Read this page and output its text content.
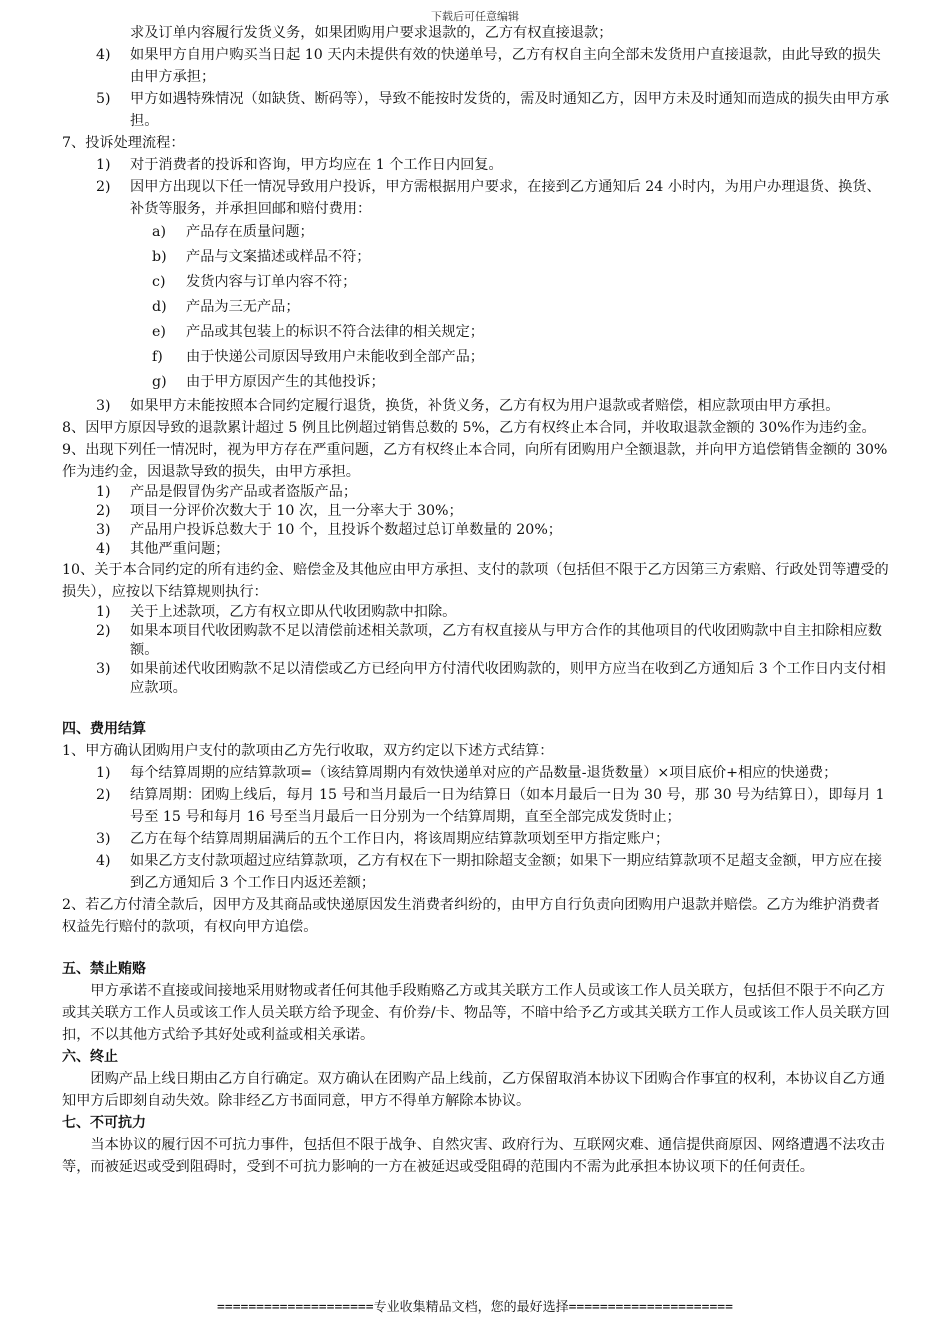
下载后可任意编辑
求及订单内容履行发货义务，如果团购用户要求退款的，乙方有权直接退款；
4) 如果甲方自用户购买当日起 10 天内未提供有效的快递单号，乙方有权自主向全部未发货用户直接退款，由此导致的损失由甲方承担；
5) 甲方如遇特殊情况（如缺货、断码等），导致不能按时发货的，需及时通知乙方，因甲方未及时通知而造成的损失由甲方承担。
7、投诉处理流程：
1) 对于消费者的投诉和咨询，甲方均应在 1 个工作日内回复。
2) 因甲方出现以下任一情况导致用户投诉，甲方需根据用户要求，在接到乙方通知后 24 小时内，为用户办理退货、换货、补货等服务，并承担回邮和赔付费用：
a) 产品存在质量问题；
b) 产品与文案描述或样品不符；
c) 发货内容与订单内容不符；
d) 产品为三无产品；
e) 产品或其包装上的标识不符合法律的相关规定；
f) 由于快递公司原因导致用户未能收到全部产品；
g) 由于甲方原因产生的其他投诉；
3) 如果甲方未能按照本合同约定履行退货，换货，补货义务，乙方有权为用户退款或者赔偿，相应款项由甲方承担。
8、因甲方原因导致的退款累计超过 5 例且比例超过销售总数的 5%，乙方有权终止本合同，并收取退款金额的 30%作为违约金。
9、出现下列任一情况时，视为甲方存在严重问题，乙方有权终止本合同，向所有团购用户全额退款，并向甲方追偿销售金额的 30%作为违约金，因退款导致的损失，由甲方承担。
1) 产品是假冒伪劣产品或者盗版产品；
2) 项目一分评价次数大于 10 次，且一分率大于 30%；
3) 产品用户投诉总数大于 10 个，且投诉个数超过总订单数量的 20%；
4) 其他严重问题；
10、关于本合同约定的所有违约金、赔偿金及其他应由甲方承担、支付的款项（包括但不限于乙方因第三方索赔、行政处罚等遭受的损失），应按以下结算规则执行：
1) 关于上述款项，乙方有权立即从代收团购款中扣除。
2) 如果本项目代收团购款不足以清偿前述相关款项，乙方有权直接从与甲方合作的其他项目的代收团购款中自主扣除相应数额。
3) 如果前述代收团购款不足以清偿或乙方已经向甲方付清代收团购款的，则甲方应当在收到乙方通知后 3 个工作日内支付相应款项。
四、费用结算
1、甲方确认团购用户支付的款项由乙方先行收取，双方约定以下述方式结算：
1) 每个结算周期的应结算款项=（该结算周期内有效快递单对应的产品数量-退货数量）×项目底价+相应的快递费；
2) 结算周期：团购上线后，每月 15 号和当月最后一日为结算日（如本月最后一日为 30 号，那 30 号为结算日），即每月 1 号至 15 号和每月 16 号至当月最后一日分别为一个结算周期，直至全部完成发货时止；
3) 乙方在每个结算周期届满后的五个工作日内，将该周期应结算款项划至甲方指定账户；
4) 如果乙方支付款项超过应结算款项，乙方有权在下一期扣除超支金额；如果下一期应结算款项不足超支金额，甲方应在接到乙方通知后 3 个工作日内返还差额；
2、若乙方付清全款后，因甲方及其商品或快递原因发生消费者纠纷的，由甲方自行负责向团购用户退款并赔偿。乙方为维护消费者权益先行赔付的款项，有权向甲方追偿。
五、禁止贿赂
甲方承诺不直接或间接地采用财物或者任何其他手段贿赂乙方或其关联方工作人员或该工作人员关联方，包括但不限于不向乙方或其关联方工作人员或该工作人员关联方给予现金、有价券/卡、物品等，不暗中给予乙方或其关联方工作人员或该工作人员关联方回扣，不以其他方式给予其好处或利益或相关承诺。
六、终止
团购产品上线日期由乙方自行确定。双方确认在团购产品上线前，乙方保留取消本协议下团购合作事宜的权利，本协议自乙方通知甲方后即刻自动失效。除非经乙方书面同意，甲方不得单方解除本协议。
七、不可抗力
当本协议的履行因不可抗力事件，包括但不限于战争、自然灾害、政府行为、互联网灾难、通信提供商原因、网络遭遇不法攻击等，而被延迟或受到阻碍时，受到不可抗力影响的一方在被延迟或受阻碍的范围内不需为此承担本协议项下的任何责任。
====================专业收集精品文档，您的最好选择=====================
